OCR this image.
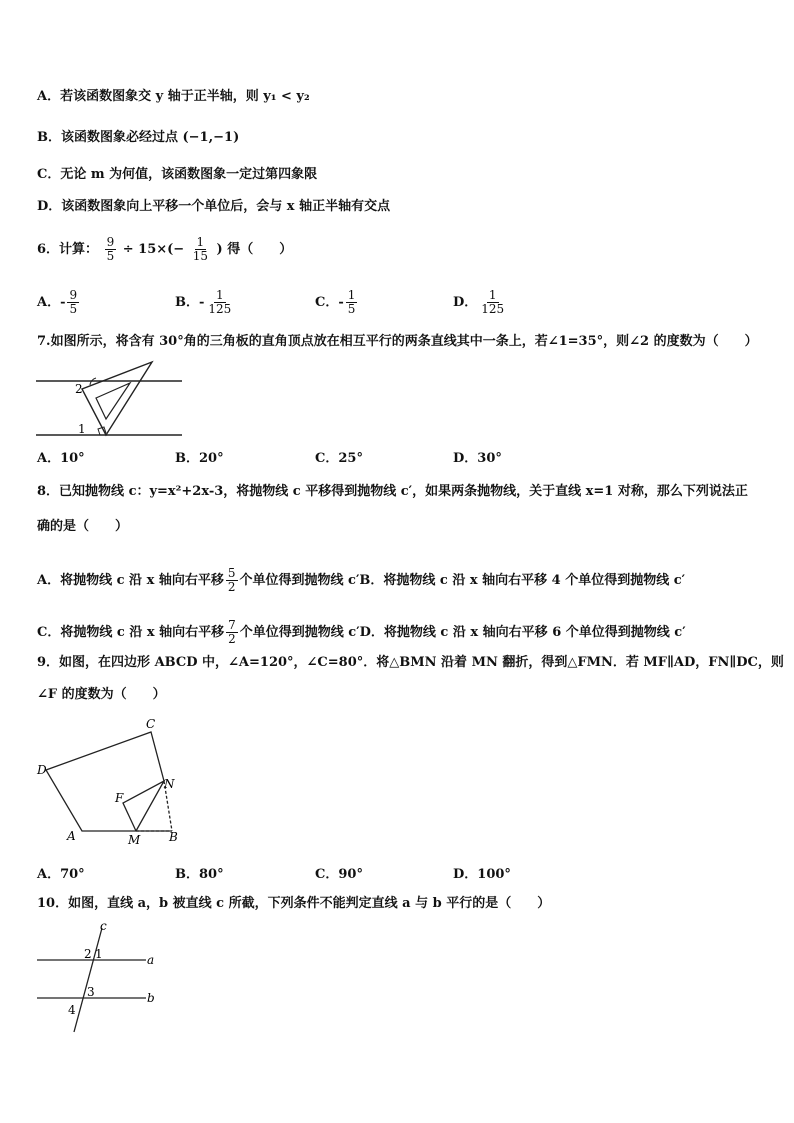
A．若该函数图象交 y 轴于正半轴，则 y₁ < y₂
B．该函数图象必经过点 (−1,−1)
C．无论 m 为何值，该函数图象一定过第四象限
D．该函数图象向上平移一个单位后，会与 x 轴正半轴有交点
6．计算： $\frac{9}{5} \div 15\times(- \frac{1}{15}$ ) 得（　　）
A．- $\frac{9}{5}$	B．- $\frac{1}{125}$	C．- $\frac{1}{5}$	D． $\frac{1}{125}$
7.如图所示，将含有 30°角的三角板的直角顶点放在相互平行的两条直线其中一条上，若∠1=35°，则∠2 的度数为（　　）
2
1
A．10°	B．20°	C．25°	D．30°
8．已知抛物线 c：y=x²+2x-3，将抛物线 c 平移得到抛物线 c′，如果两条抛物线，关于直线 x=1 对称，那么下列说法正
确的是（　　）
A．将抛物线 c 沿 x 轴向右平移 $\frac{5}{2}$ 个单位得到抛物线 c′B．将抛物线 c 沿 x 轴向右平移 4 个单位得到抛物线 c′
C．将抛物线 c 沿 x 轴向右平移 $\frac{7}{2}$ 个单位得到抛物线 c′D．将抛物线 c 沿 x 轴向右平移 6 个单位得到抛物线 c′
9．如图，在四边形 ABCD 中，∠A=120°，∠C=80°．将△BMN 沿着 MN 翻折，得到△FMN．若 MF∥AD，FN∥DC，则
∠F 的度数为（　　）
C
D
F
N
A	M B
A．70°	B．80°	C．90°	D．100°
10．如图，直线 a，b 被直线 c 所截，下列条件不能判定直线 a 与 b 平行的是（　　）
c
a
b
2 1
3
4
